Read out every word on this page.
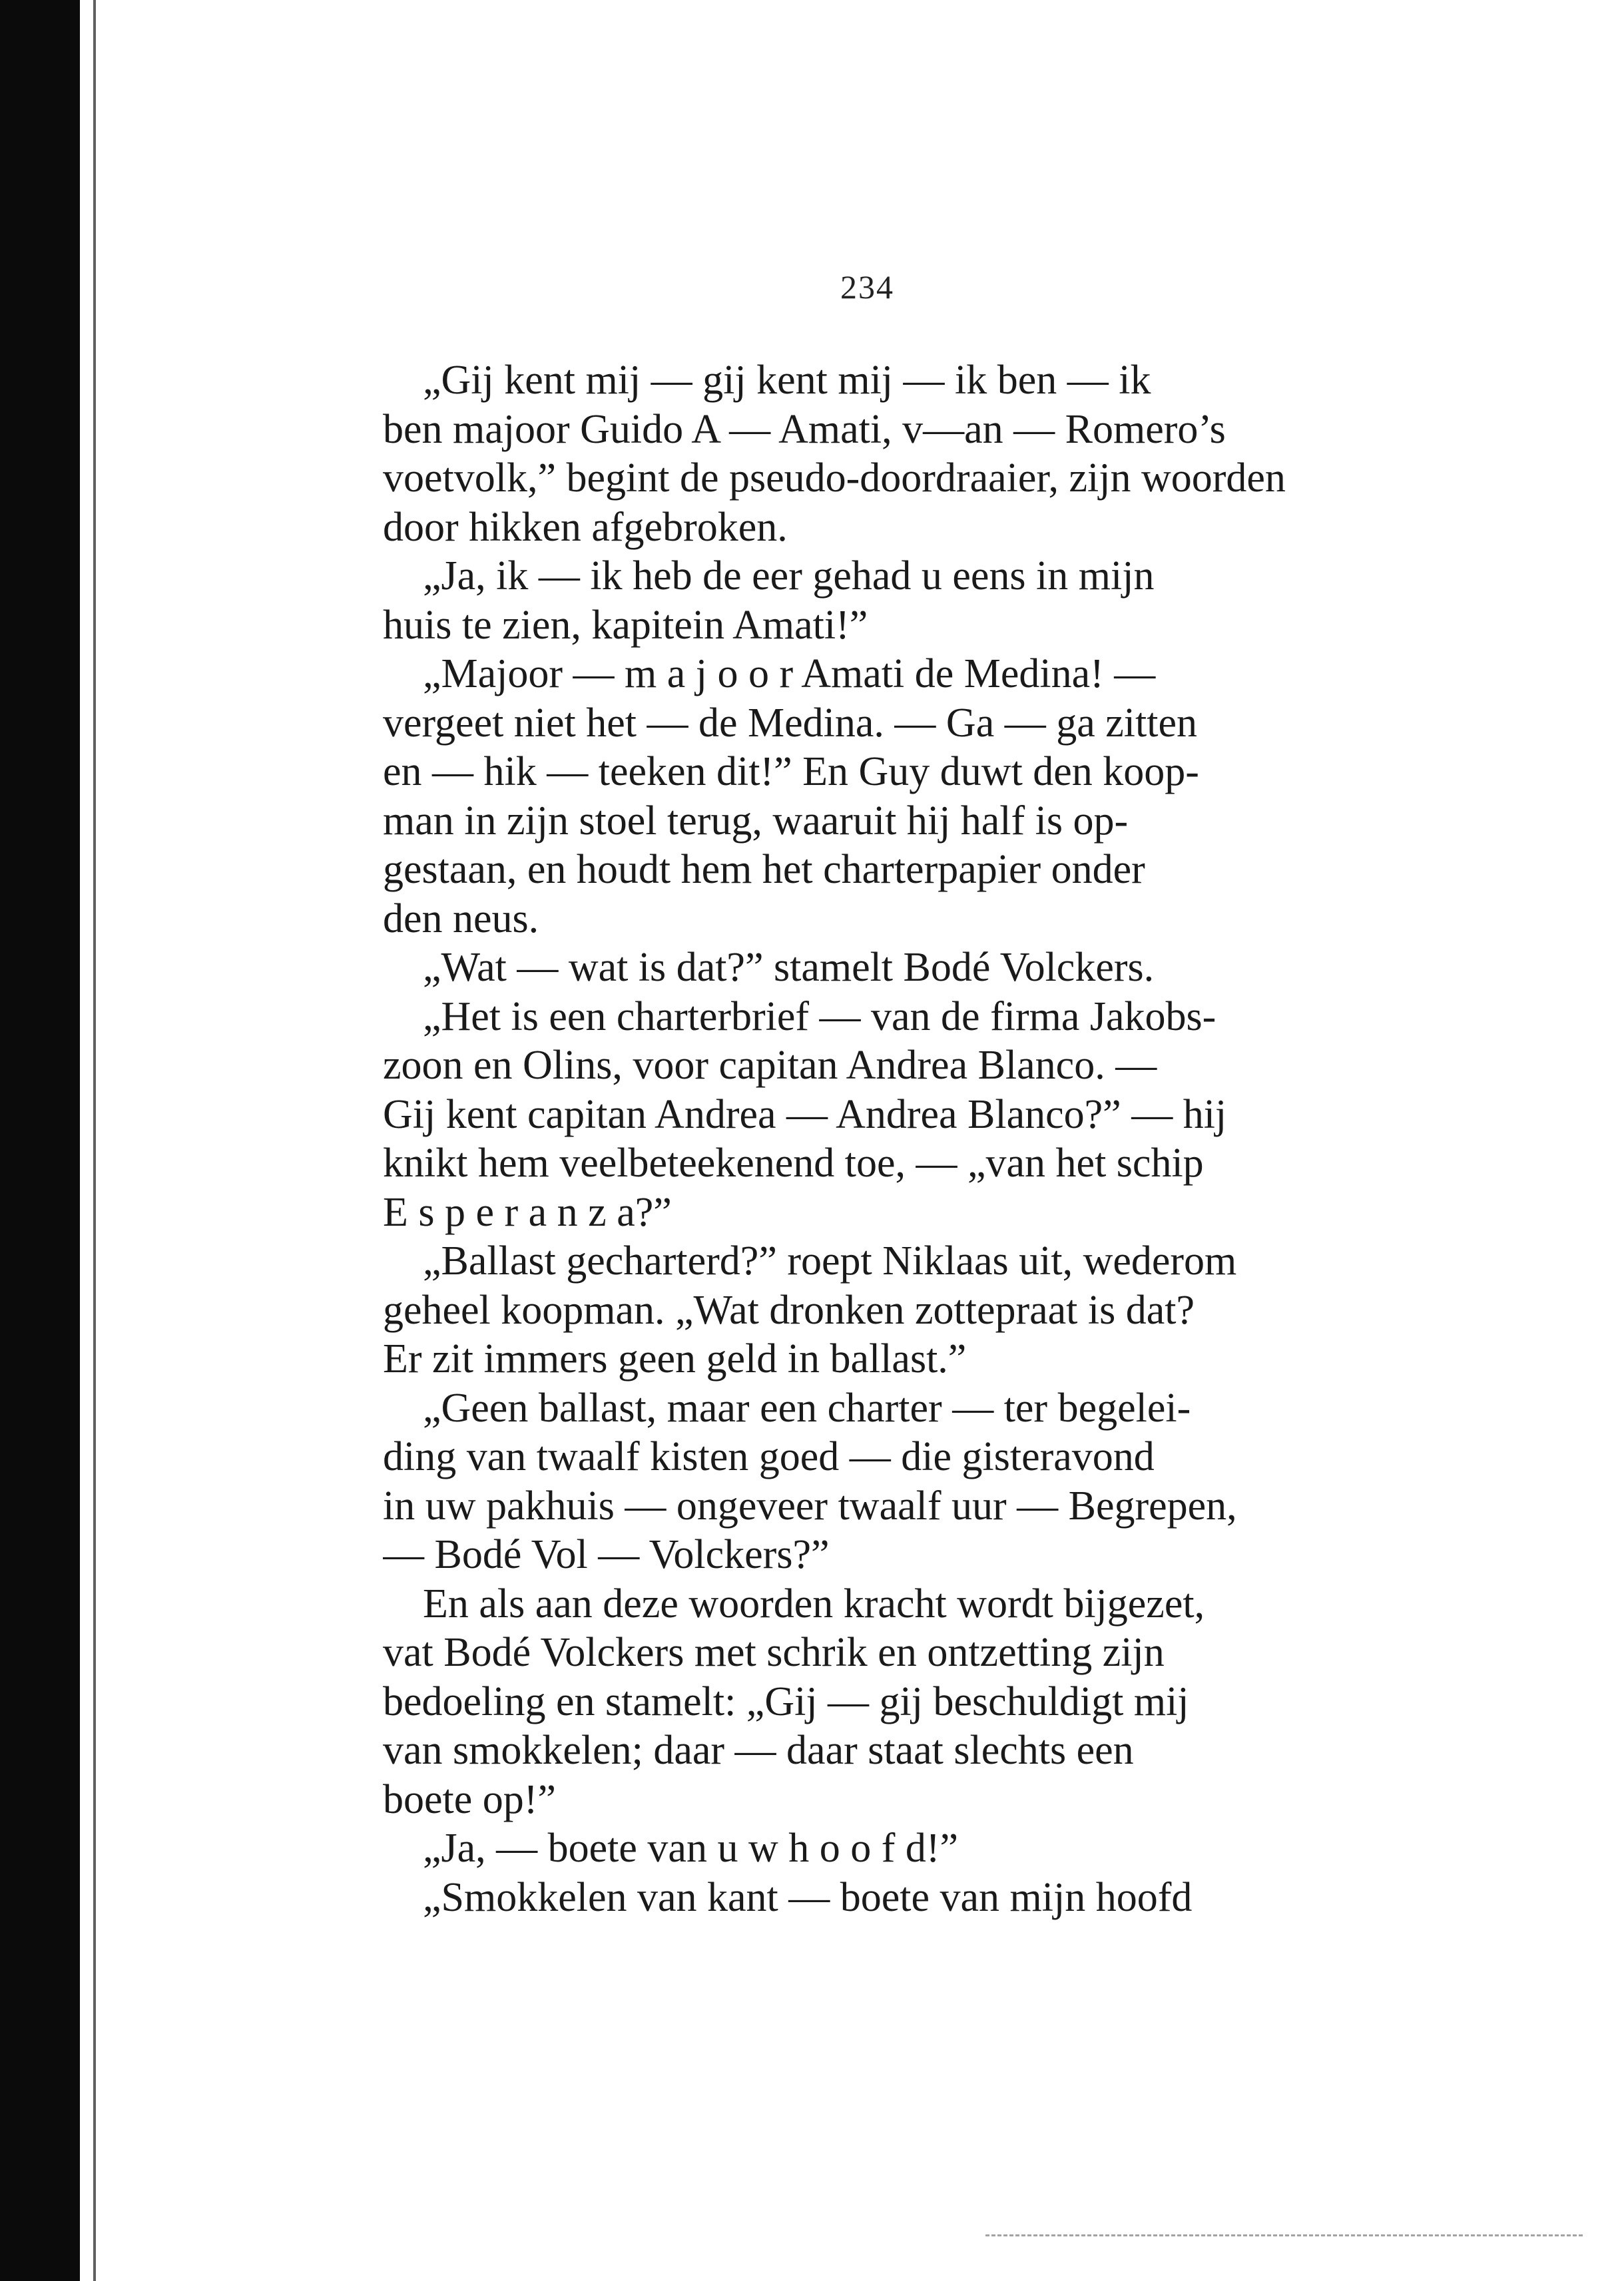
234
„Gij kent mij — gij kent mij — ik ben — ik
ben majoor Guido A — Amati, v—an — Romero’s
voetvolk,” begint de pseudo-doordraaier, zijn woorden
door hikken afgebroken.
„Ja, ik — ik heb de eer gehad u eens in mijn
huis te zien, kapitein Amati!”
„Majoor — m a j o o r Amati de Medina! —
vergeet niet het — de Medina. — Ga — ga zitten
en — hik — teeken dit!” En Guy duwt den koop-
man in zijn stoel terug, waaruit hij half is op-
gestaan, en houdt hem het charterpapier onder
den neus.
„Wat — wat is dat?” stamelt Bodé Volckers.
„Het is een charterbrief — van de firma Jakobs-
zoon en Olins, voor capitan Andrea Blanco. —
Gij kent capitan Andrea — Andrea Blanco?” — hij
knikt hem veelbeteekenend toe, — „van het schip
E s p e r a n z a?”
„Ballast gecharterd?” roept Niklaas uit, wederom
geheel koopman. „Wat dronken zottepraat is dat?
Er zit immers geen geld in ballast.”
„Geen ballast, maar een charter — ter begelei-
ding van twaalf kisten goed — die gisteravond
in uw pakhuis — ongeveer twaalf uur — Begrepen,
— Bodé Vol — Volckers?”
En als aan deze woorden kracht wordt bijgezet,
vat Bodé Volckers met schrik en ontzetting zijn
bedoeling en stamelt: „Gij — gij beschuldigt mij
van smokkelen; daar — daar staat slechts een
boete op!”
„Ja, — boete van u w h o o f d!”
„Smokkelen van kant — boete van mijn hoofd
